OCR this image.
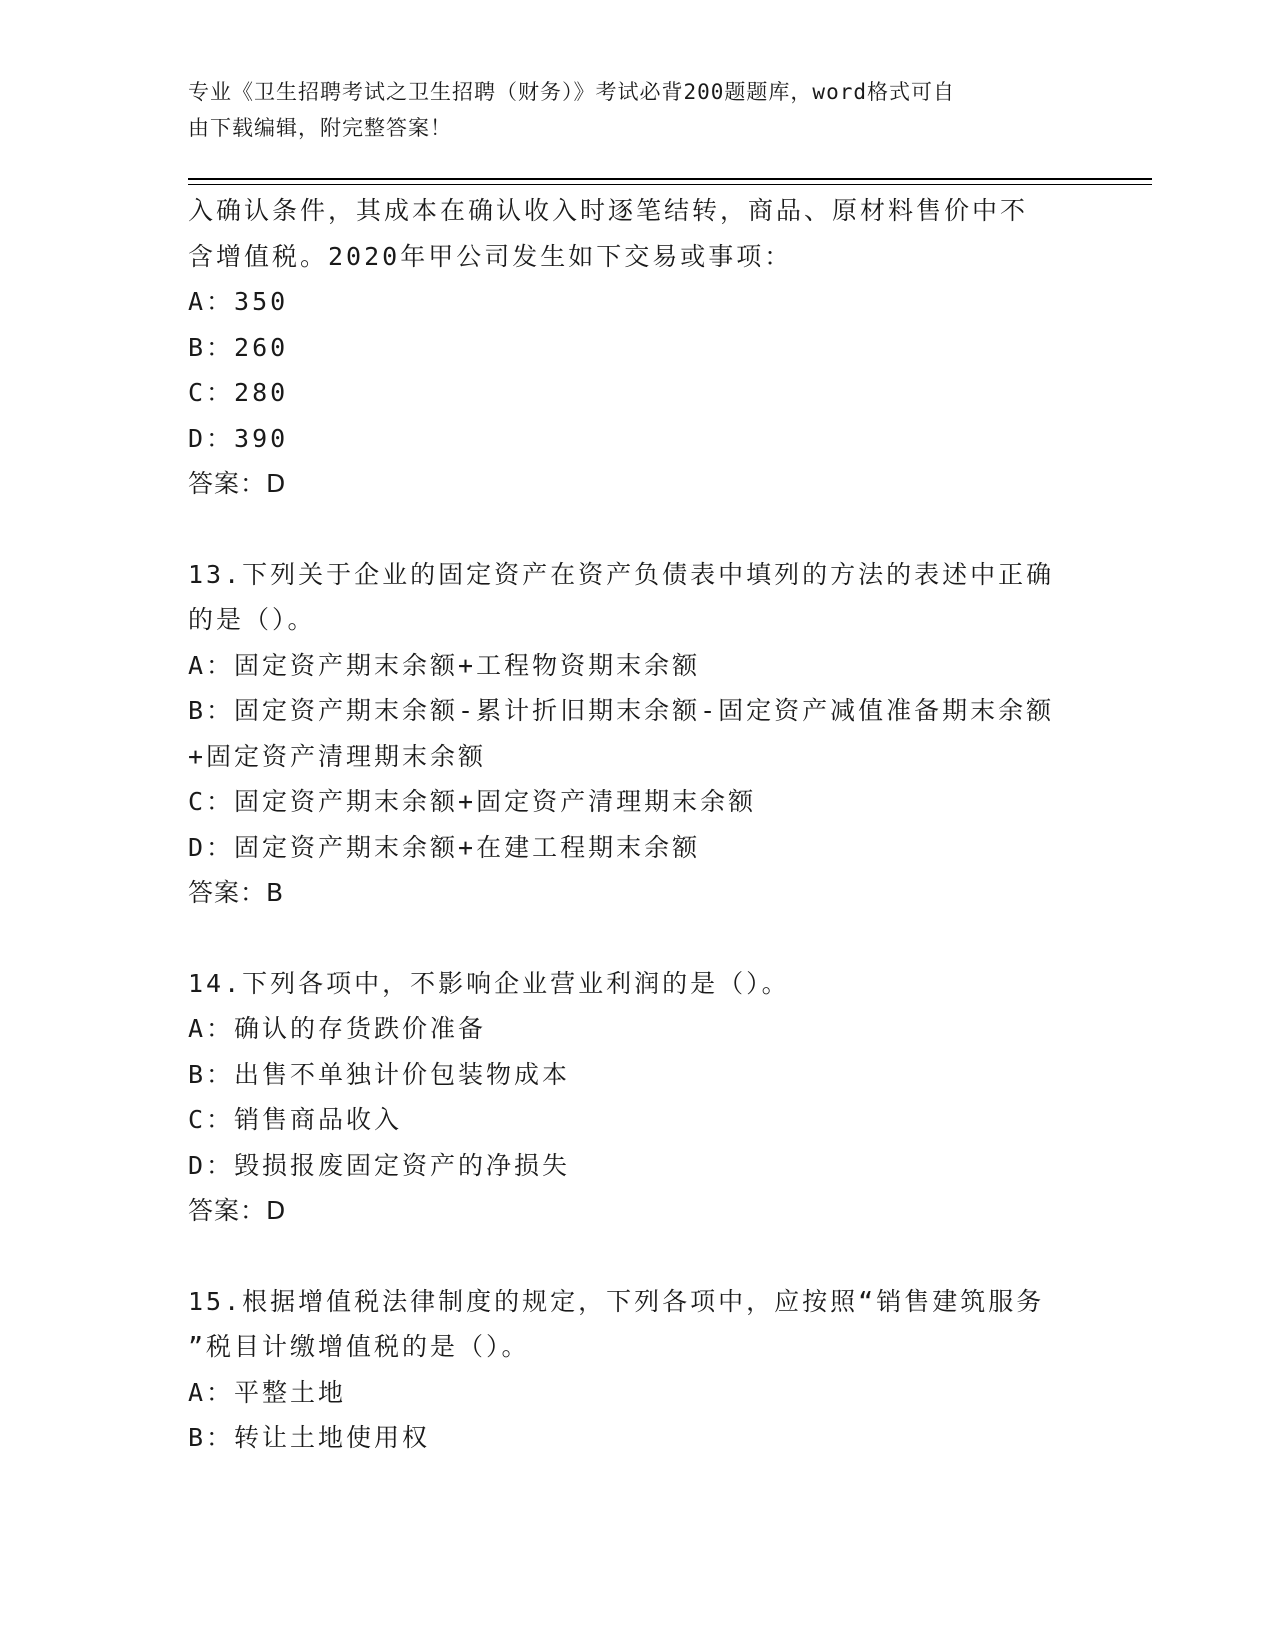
专业《卫生招聘考试之卫生招聘（财务）》考试必背200题题库，word格式可自
由下载编辑，附完整答案！
入确认条件，其成本在确认收入时逐笔结转，商品、原材料售价中不
含增值税。2020年甲公司发生如下交易或事项：
A：350
B：260
C：280
D：390
答案：D
13.下列关于企业的固定资产在资产负债表中填列的方法的表述中正确
的是（）。
A：固定资产期末余额+工程物资期末余额
B：固定资产期末余额-累计折旧期末余额-固定资产减值准备期末余额
+固定资产清理期末余额
C：固定资产期末余额+固定资产清理期末余额
D：固定资产期末余额+在建工程期末余额
答案：B
14.下列各项中，不影响企业营业利润的是（）。
A：确认的存货跌价准备
B：出售不单独计价包装物成本
C：销售商品收入
D：毁损报废固定资产的净损失
答案：D
15.根据增值税法律制度的规定，下列各项中，应按照“销售建筑服务
”税目计缴增值税的是（）。
A：平整土地
B：转让土地使用权
